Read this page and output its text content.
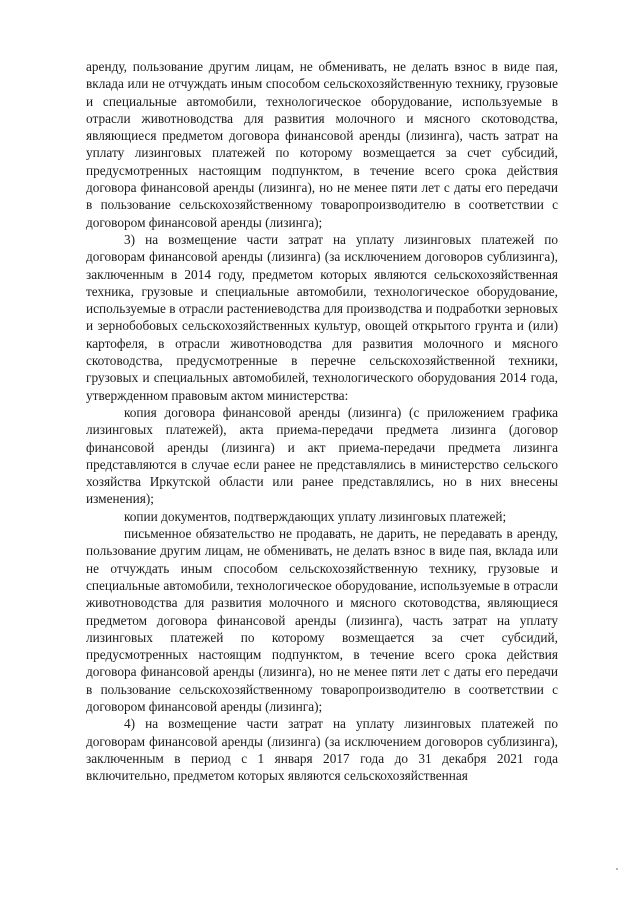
аренду, пользование другим лицам, не обменивать, не делать взнос в виде пая, вклада или не отчуждать иным способом сельскохозяйственную технику, грузовые и специальные автомобили, технологическое оборудование, используемые в отрасли животноводства для развития молочного и мясного скотоводства, являющиеся предметом договора финансовой аренды (лизинга), часть затрат на уплату лизинговых платежей по которому возмещается за счет субсидий, предусмотренных настоящим подпунктом, в течение всего срока действия договора финансовой аренды (лизинга), но не менее пяти лет с даты его передачи в пользование сельскохозяйственному товаропроизводителю в соответствии с договором финансовой аренды (лизинга);

3) на возмещение части затрат на уплату лизинговых платежей по договорам финансовой аренды (лизинга) (за исключением договоров сублизинга), заключенным в 2014 году, предметом которых являются сельскохозяйственная техника, грузовые и специальные автомобили, технологическое оборудование, используемые в отрасли растениеводства для производства и подработки зерновых и зернобобовых сельскохозяйственных культур, овощей открытого грунта и (или) картофеля, в отрасли животноводства для развития молочного и мясного скотоводства, предусмотренные в перечне сельскохозяйственной техники, грузовых и специальных автомобилей, технологического оборудования 2014 года, утвержденном правовым актом министерства:

копия договора финансовой аренды (лизинга) (с приложением графика лизинговых платежей), акта приема-передачи предмета лизинга (договор финансовой аренды (лизинга) и акт приема-передачи предмета лизинга представляются в случае если ранее не представлялись в министерство сельского хозяйства Иркутской области или ранее представлялись, но в них внесены изменения);

копии документов, подтверждающих уплату лизинговых платежей;

письменное обязательство не продавать, не дарить, не передавать в аренду, пользование другим лицам, не обменивать, не делать взнос в виде пая, вклада или не отчуждать иным способом сельскохозяйственную технику, грузовые и специальные автомобили, технологическое оборудование, используемые в отрасли животноводства для развития молочного и мясного скотоводства, являющиеся предметом договора финансовой аренды (лизинга), часть затрат на уплату лизинговых платежей по которому возмещается за счет субсидий, предусмотренных настоящим подпунктом, в течение всего срока действия договора финансовой аренды (лизинга), но не менее пяти лет с даты его передачи в пользование сельскохозяйственному товаропроизводителю в соответствии с договором финансовой аренды (лизинга);

4) на возмещение части затрат на уплату лизинговых платежей по договорам финансовой аренды (лизинга) (за исключением договоров сублизинга), заключенным в период с 1 января 2017 года до 31 декабря 2021 года включительно, предметом которых являются сельскохозяйственная
